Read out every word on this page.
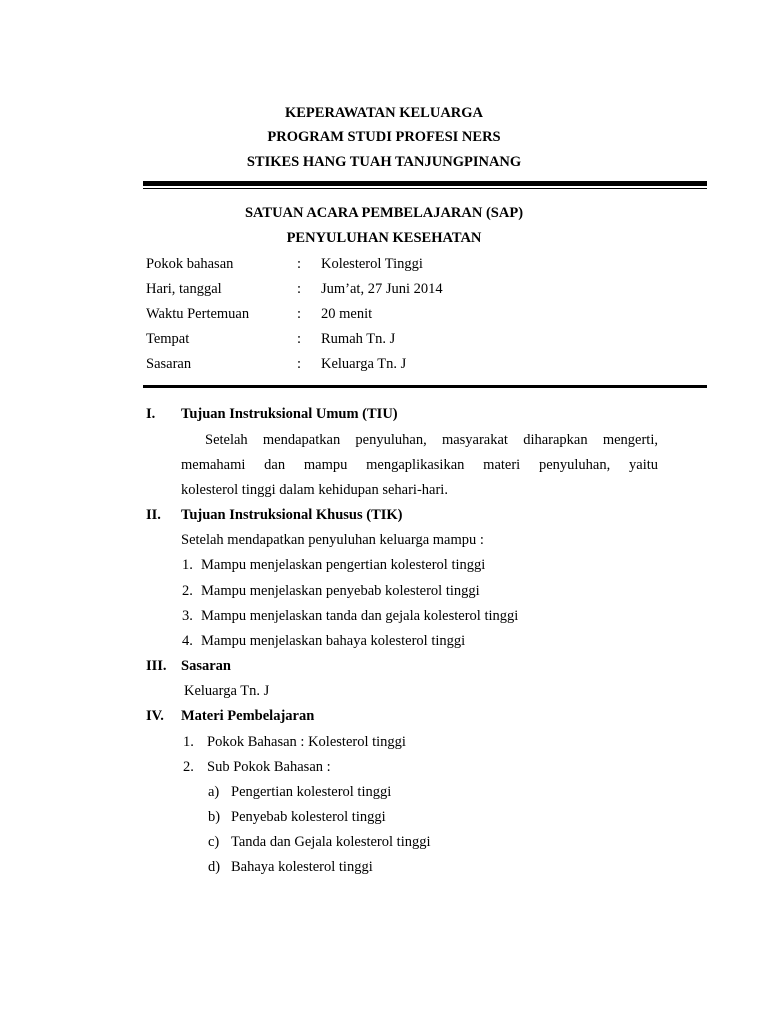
KEPERAWATAN KELUARGA
PROGRAM STUDI PROFESI NERS
STIKES HANG TUAH TANJUNGPINANG
SATUAN ACARA PEMBELAJARAN (SAP)
PENYULUHAN KESEHATAN
Pokok bahasan	: Kolesterol Tinggi
Hari, tanggal	: Jum’at, 27 Juni 2014
Waktu Pertemuan	: 20 menit
Tempat	: Rumah Tn. J
Sasaran	: Keluarga Tn. J
I. Tujuan Instruksional Umum (TIU)
Setelah mendapatkan penyuluhan, masyarakat diharapkan mengerti,
memahami dan mampu mengaplikasikan materi penyuluhan, yaitu
kolesterol tinggi dalam kehidupan sehari-hari.
II. Tujuan Instruksional Khusus (TIK)
Setelah mendapatkan penyuluhan keluarga mampu :
1. Mampu menjelaskan pengertian kolesterol tinggi
2. Mampu menjelaskan penyebab kolesterol tinggi
3. Mampu menjelaskan tanda dan gejala kolesterol tinggi
4. Mampu menjelaskan bahaya kolesterol tinggi
III. Sasaran
Keluarga Tn. J
IV. Materi Pembelajaran
1. Pokok Bahasan : Kolesterol tinggi
2. Sub Pokok Bahasan :
a) Pengertian kolesterol tinggi
b) Penyebab kolesterol tinggi
c) Tanda dan Gejala kolesterol tinggi
d) Bahaya kolesterol tinggi
